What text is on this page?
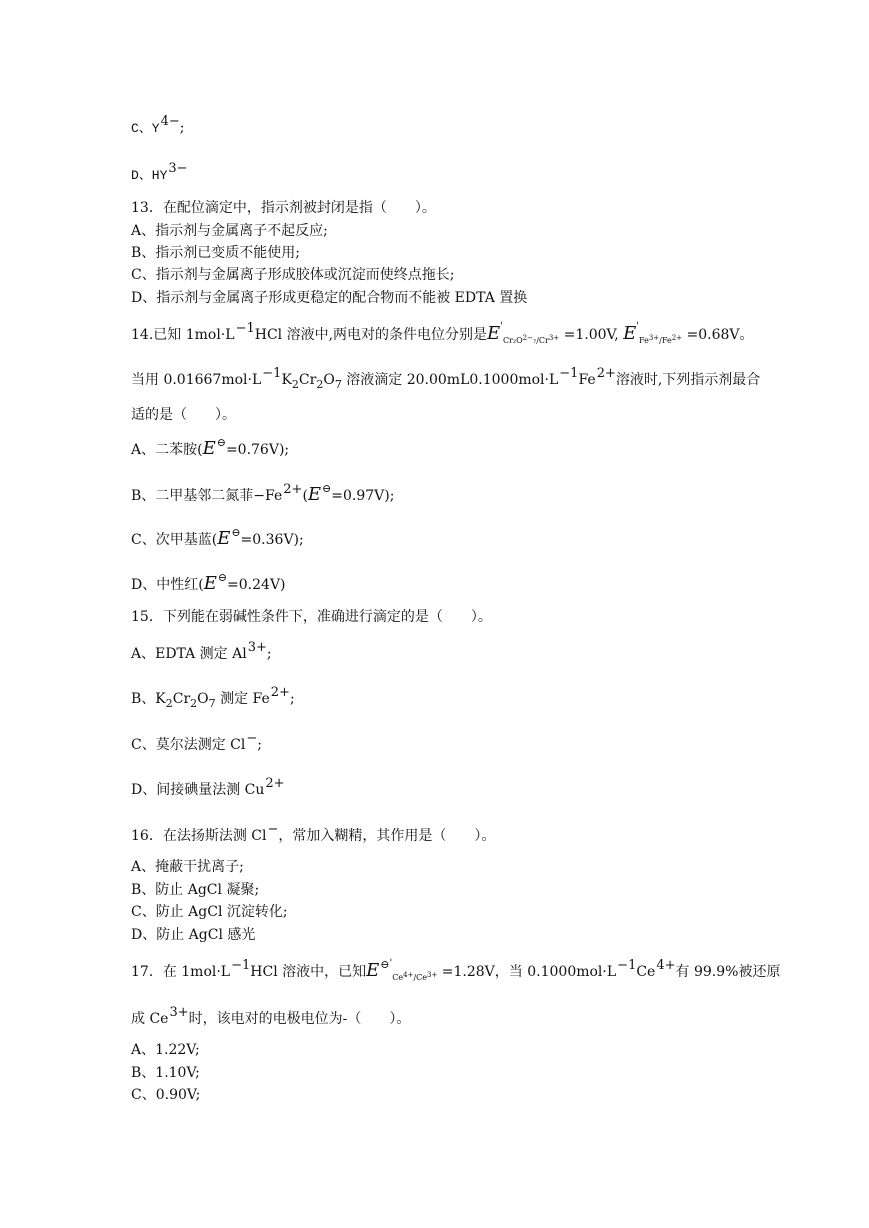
C、Y4−;
D、HY3−
13．在配位滴定中，指示剂被封闭是指（　　）。
A、指示剂与金属离子不起反应;
B、指示剂已变质不能使用;
C、指示剂与金属离子形成胶体或沉淀而使终点拖长;
D、指示剂与金属离子形成更稳定的配合物而不能被 EDTA 置换
14.已知 1mol·L−1HCl 溶液中,两电对的条件电位分别是$E'_{Cr_2O2-_7/Cr3+} =1.00V$, $E'_{Fe3+/Fe2+} =0.68V$。
当用 $0.01667mol\cdot L-1K_2Cr_2O_7$ 溶液滴定 20.00mL0.1000mol·L−1Fe2+溶液时,下列指示剂最合
适的是（　　）。
A、二苯胺(E⊖=0.76V);
B、二甲基邻二氮菲−Fe2+(E⊖=0.97V);
C、次甲基蓝(E⊖=0.36V);
D、中性红(E⊖=0.24V)
15．下列能在弱碱性条件下，准确进行滴定的是（　　）。
A、EDTA 测定 Al3+;
B、$K_2Cr_2O_7$ 测定 Fe2+;
C、莫尔法测定 Cl−;
D、间接碘量法测 Cu2+
16．在法扬斯法测 Cl−，常加入糊精，其作用是（　　）。
A、掩蔽干扰离子;
B、防止 AgCl 凝聚;
C、防止 AgCl 沉淀转化;
D、防止 AgCl 感光
17．在 1mol·L−1HCl 溶液中，已知$E^{⊖'}_{Ce4+/Ce3+} =1.28V$，当 0.1000mol·L−1Ce4+有 99.9%被还原
成 Ce3+时，该电对的电极电位为-（　　）。
A、1.22V;
B、1.10V;
C、0.90V;
